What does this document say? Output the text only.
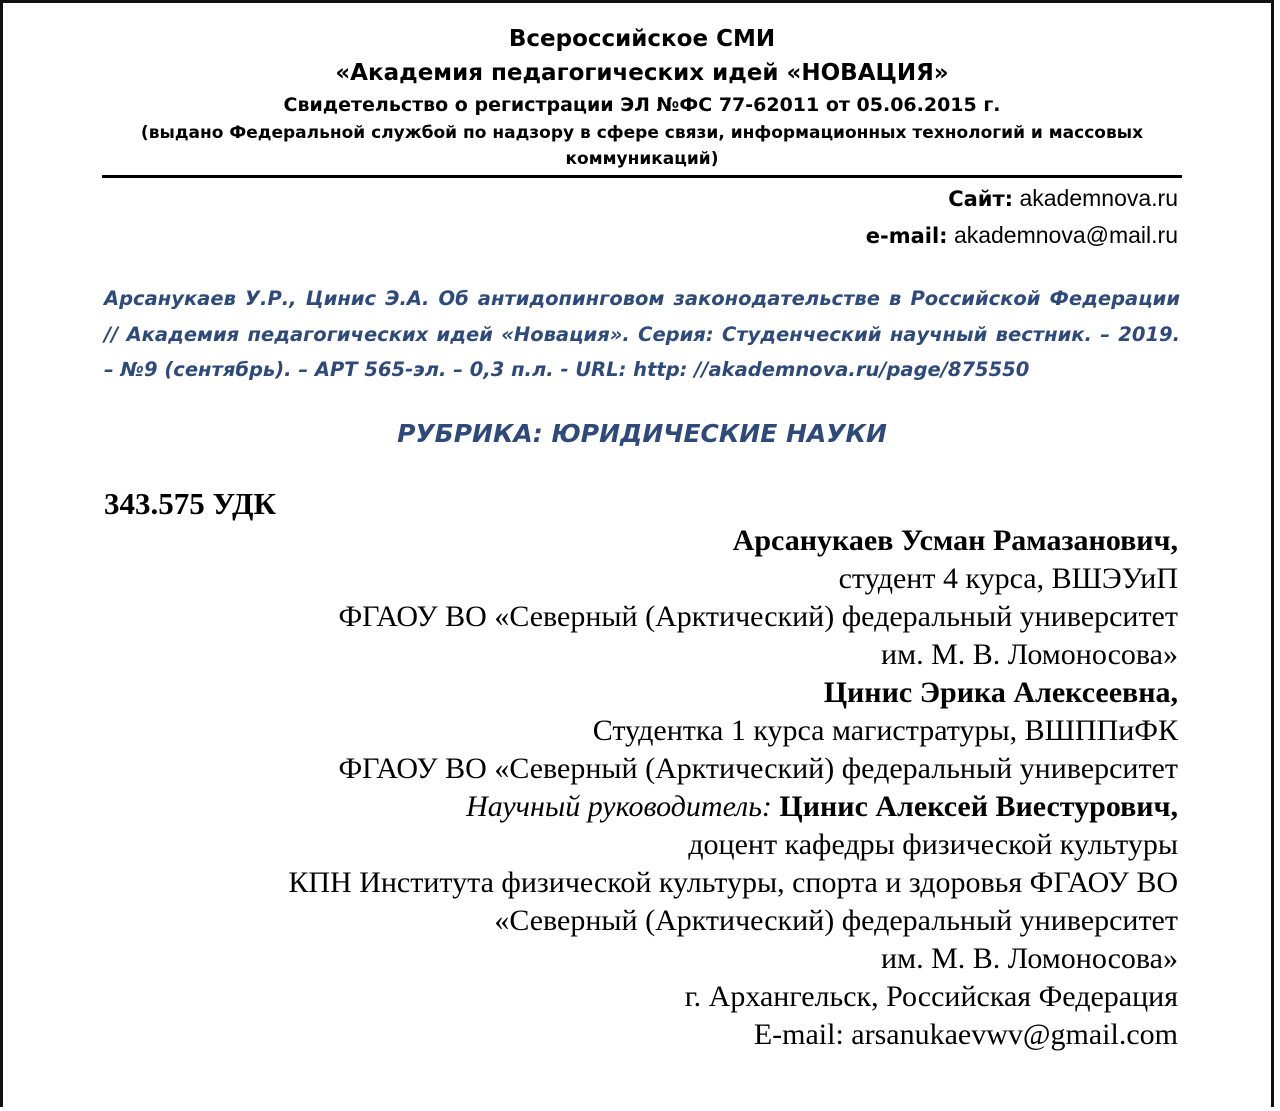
Всероссийское СМИ
«Академия педагогических идей «НОВАЦИЯ»
Свидетельство о регистрации ЭЛ №ФС 77-62011 от 05.06.2015 г.
(выдано Федеральной службой по надзору в сфере связи, информационных технологий и массовых
коммуникаций)
Сайт: akademnova.ru
e-mail: akademnova@mail.ru
Арсанукаев У.Р., Цинис Э.А. Об антидопинговом законодательстве в Российской Федерации // Академия педагогических идей «Новация». Серия: Студенческий научный вестник. – 2019. – №9 (сентябрь). – АРТ 565-эл. – 0,3 п.л. - URL: http: //akademnova.ru/page/875550
РУБРИКА: ЮРИДИЧЕСКИЕ НАУКИ
343.575 УДК
Арсанукаев Усман Рамазанович,
студент 4 курса, ВШЭУиП
ФГАОУ ВО «Северный (Арктический) федеральный университет
им. М. В. Ломоносова»
Цинис Эрика Алексеевна,
Студентка 1 курса магистратуры, ВШППиФК
ФГАОУ ВО «Северный (Арктический) федеральный университет
Научный руководитель: Цинис Алексей Виестурович,
доцент кафедры физической культуры
КПН Института физической культуры, спорта и здоровья ФГАОУ ВО
«Северный (Арктический) федеральный университет
им. М. В. Ломоносова»
г. Архангельск, Российская Федерация
E-mail: arsanukaevwv@gmail.com
